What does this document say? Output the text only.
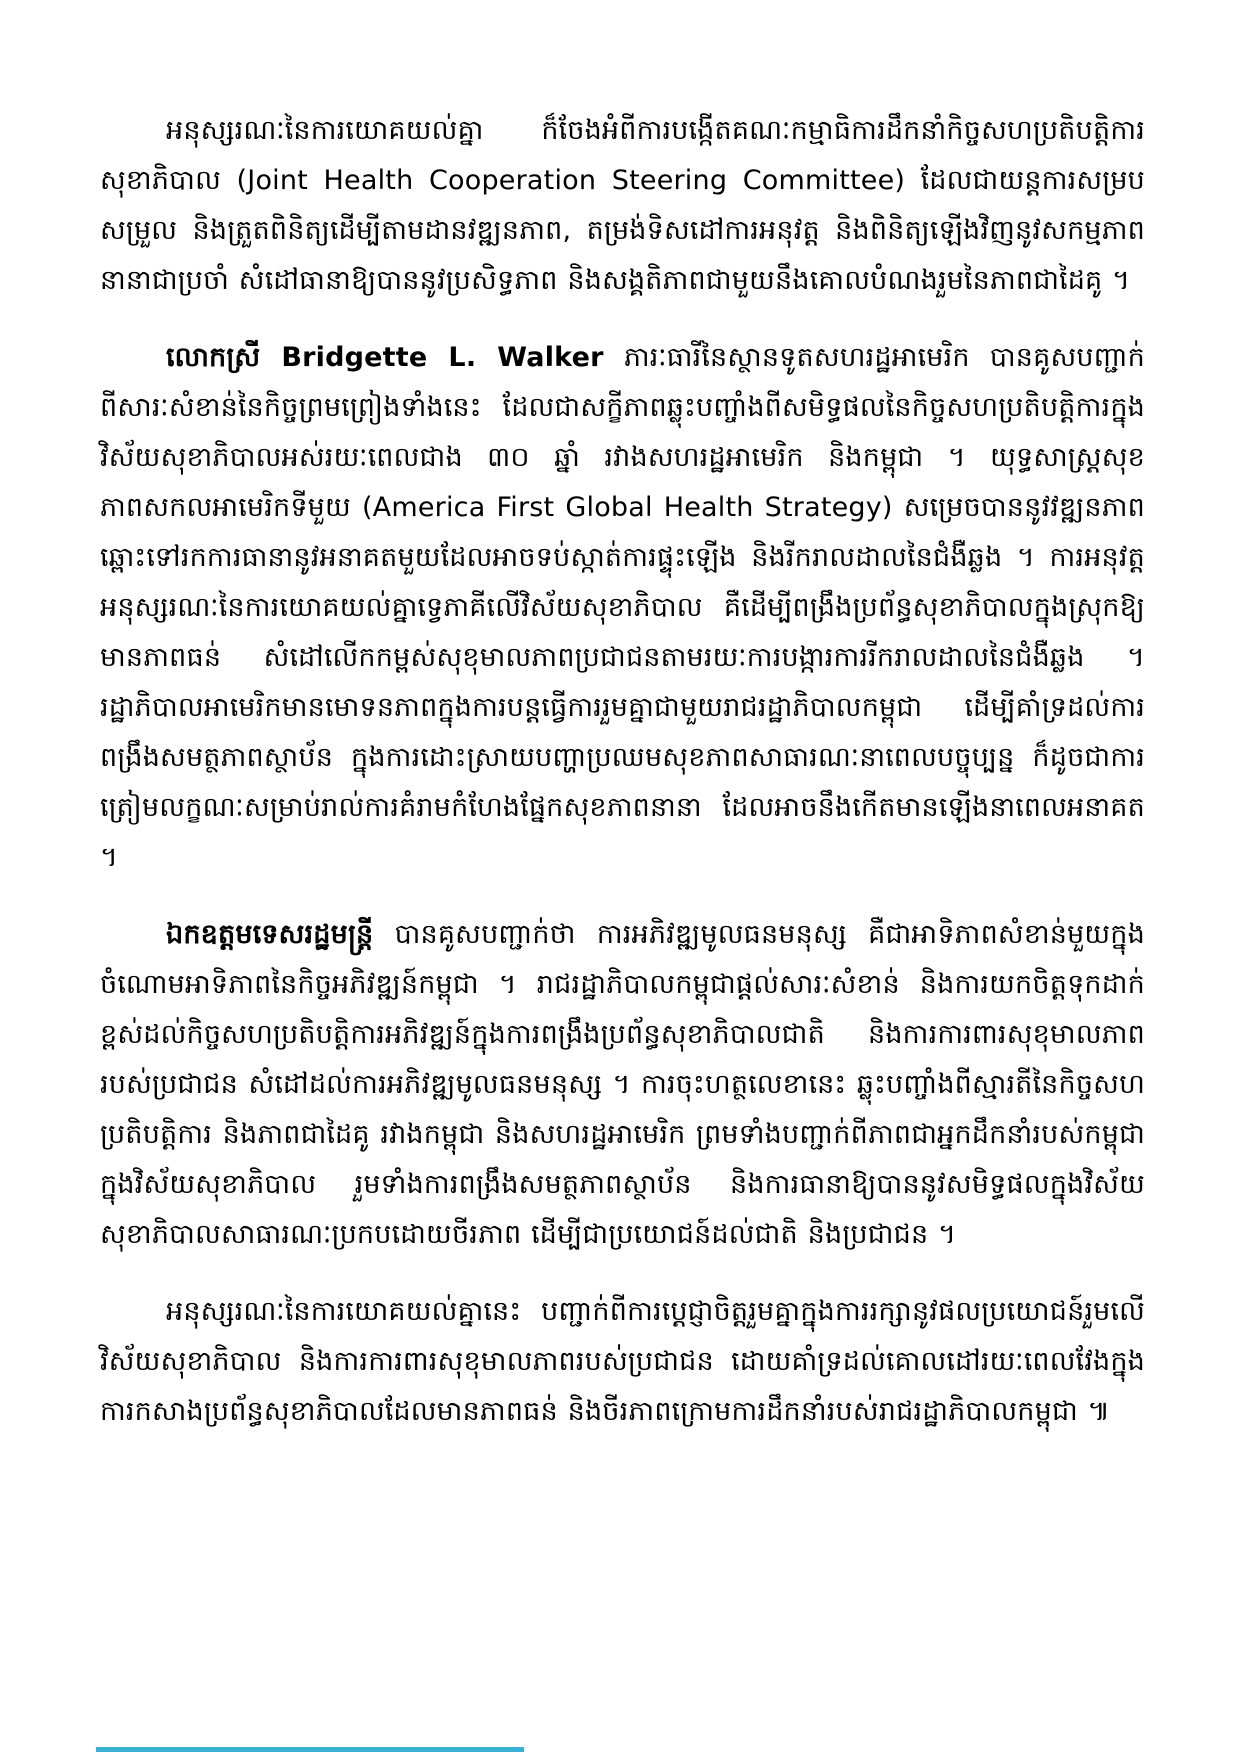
អនុស្សរណៈនៃការយោគយល់គ្នា ក៏ចែងអំពីការបង្កើតគណៈកម្មាធិការដឹកនាំកិច្ចសហប្រតិបត្តិការសុខាភិបាល (Joint Health Cooperation Steering Committee) ដែលជាយន្តការសម្របសម្រួល និងត្រួតពិនិត្យដើម្បីតាមដានវឌ្ឍនភាព, តម្រង់ទិសដៅការអនុវត្ត និងពិនិត្យឡើងវិញនូវសកម្មភាពនានាជាប្រចាំ សំដៅធានាឱ្យបាននូវប្រសិទ្ធភាព និងសង្គតិភាពជាមួយនឹងគោលបំណងរួមនៃភាពជាដៃគូ ។

លោកស្រី Bridgette L. Walker ភារៈធារីនៃស្ថានទូតសហរដ្ឋអាមេរិក បានគូសបញ្ជាក់ពីសារៈសំខាន់នៃកិច្ចព្រមព្រៀងទាំងនេះ ដែលជាសក្ខីភាពឆ្លុះបញ្ចាំងពីសមិទ្ធផលនៃកិច្ចសហប្រតិបត្តិការក្នុងវិស័យសុខាភិបាលអស់រយៈពេលជាង ៣០ ឆ្នាំ រវាងសហរដ្ឋអាមេរិក និងកម្ពុជា ។ យុទ្ធសាស្ត្រសុខភាពសកលអាមេរិកទីមួយ (America First Global Health Strategy) សម្រេចបាននូវវឌ្ឍនភាពឆ្ពោះទៅរកការធានានូវអនាគតមួយដែលអាចទប់ស្កាត់ការផ្ទុះឡើង និងរីករាលដាលនៃជំងឺឆ្លង ។ ការអនុវត្តអនុស្សរណៈនៃការយោគយល់គ្នាទ្វេភាគីលើវិស័យសុខាភិបាល គឺដើម្បីពង្រឹងប្រព័ន្ធសុខាភិបាលក្នុងស្រុកឱ្យមានភាពធន់ សំដៅលើកកម្ពស់សុខុមាលភាពប្រជាជនតាមរយៈការបង្ការការរីករាលដាលនៃជំងឺឆ្លង ។ រដ្ឋាភិបាលអាមេរិកមានមោទនភាពក្នុងការបន្តធ្វើការរួមគ្នាជាមួយរាជរដ្ឋាភិបាលកម្ពុជា ដើម្បីគាំទ្រដល់ការពង្រឹងសមត្ថភាពស្ថាប័ន ក្នុងការដោះស្រាយបញ្ហាប្រឈមសុខភាពសាធារណៈនាពេលបច្ចុប្បន្ន ក៏ដូចជាការត្រៀមលក្ខណៈសម្រាប់រាល់ការគំរាមកំហែងផ្នែកសុខភាពនានា ដែលអាចនឹងកើតមានឡើងនាពេលអនាគត ។

ឯកឧត្តមទេសរដ្ឋមន្ត្រី បានគូសបញ្ជាក់ថា ការអភិវឌ្ឍមូលធនមនុស្ស គឺជាអាទិភាពសំខាន់មួយក្នុងចំណោមអាទិភាពនៃកិច្ចអភិវឌ្ឍន៍កម្ពុជា ។ រាជរដ្ឋាភិបាលកម្ពុជាផ្តល់សារៈសំខាន់ និងការយកចិត្តទុកដាក់ខ្ពស់ដល់កិច្ចសហប្រតិបត្តិការអភិវឌ្ឍន៍ក្នុងការពង្រឹងប្រព័ន្ធសុខាភិបាលជាតិ និងការការពារសុខុមាលភាពរបស់ប្រជាជន សំដៅដល់ការអភិវឌ្ឍមូលធនមនុស្ស ។ ការចុះហត្ថលេខានេះ ឆ្លុះបញ្ចាំងពីស្មារតីនៃកិច្ចសហប្រតិបត្តិការ និងភាពជាដៃគូ រវាងកម្ពុជា និងសហរដ្ឋអាមេរិក ព្រមទាំងបញ្ជាក់ពីភាពជាអ្នកដឹកនាំរបស់កម្ពុជាក្នុងវិស័យសុខាភិបាល រួមទាំងការពង្រឹងសមត្ថភាពស្ថាប័ន និងការធានាឱ្យបាននូវសមិទ្ធផលក្នុងវិស័យសុខាភិបាលសាធារណៈប្រកបដោយចីរភាព ដើម្បីជាប្រយោជន៍ដល់ជាតិ និងប្រជាជន ។

អនុស្សរណៈនៃការយោគយល់គ្នានេះ បញ្ជាក់ពីការប្តេជ្ញាចិត្តរួមគ្នាក្នុងការរក្សានូវផលប្រយោជន៍រួមលើវិស័យសុខាភិបាល និងការការពារសុខុមាលភាពរបស់ប្រជាជន ដោយគាំទ្រដល់គោលដៅរយៈពេលវែងក្នុងការកសាងប្រព័ន្ធសុខាភិបាលដែលមានភាពធន់ និងចីរភាពក្រោមការដឹកនាំរបស់រាជរដ្ឋាភិបាលកម្ពុជា ៕
